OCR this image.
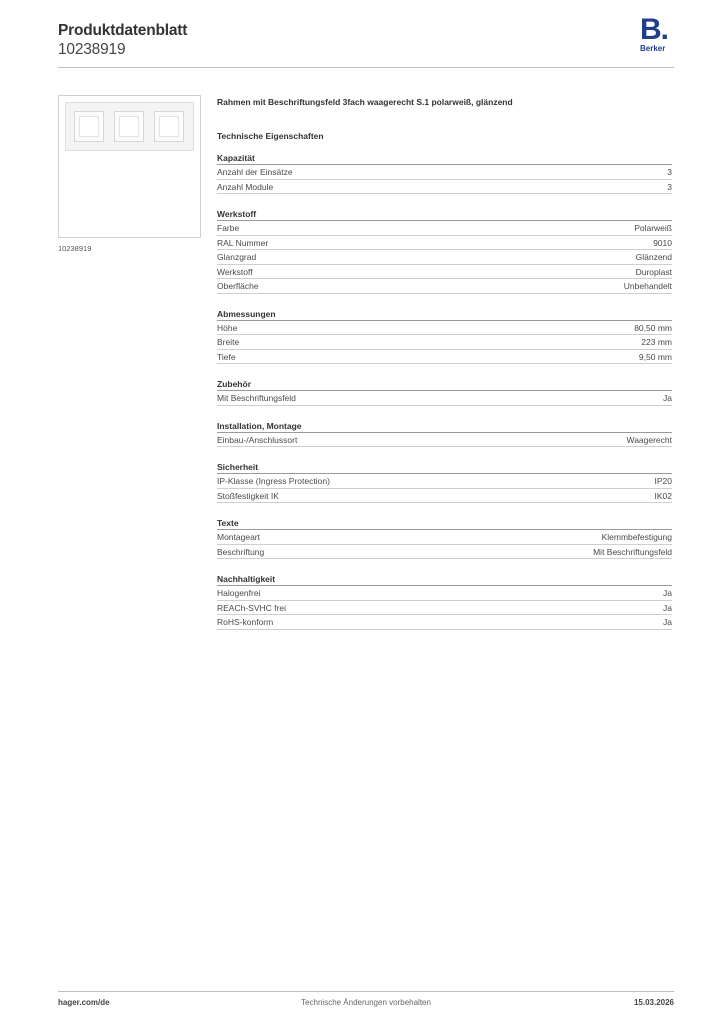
Produktdatenblatt
10238919
B.
Berker
10238919
Rahmen mit Beschriftungsfeld 3fach waagerecht S.1 polarweiß, glänzend
Technische Eigenschaften
Kapazität
Anzahl der Einsätze	3
Anzahl Module	3
Werkstoff
Farbe	Polarweiß
RAL Nummer	9010
Glanzgrad	Glänzend
Werkstoff	Duroplast
Oberfläche	Unbehandelt
Abmessungen
Höhe	80,50 mm
Breite	223 mm
Tiefe	9,50 mm
Zubehör
Mit Beschriftungsfeld	Ja
Installation, Montage
Einbau-/Anschlussort	Waagerecht
Sicherheit
IP-Klasse (Ingress Protection)	IP20
Stoßfestigkeit IK	IK02
Texte
Montageart	Klemmbefestigung
Beschriftung	Mit Beschriftungsfeld
Nachhaltigkeit
Halogenfrei	Ja
REACh-SVHC frei	Ja
RoHS-konform	Ja
hager.com/de	Technische Änderungen vorbehalten	15.03.2026
